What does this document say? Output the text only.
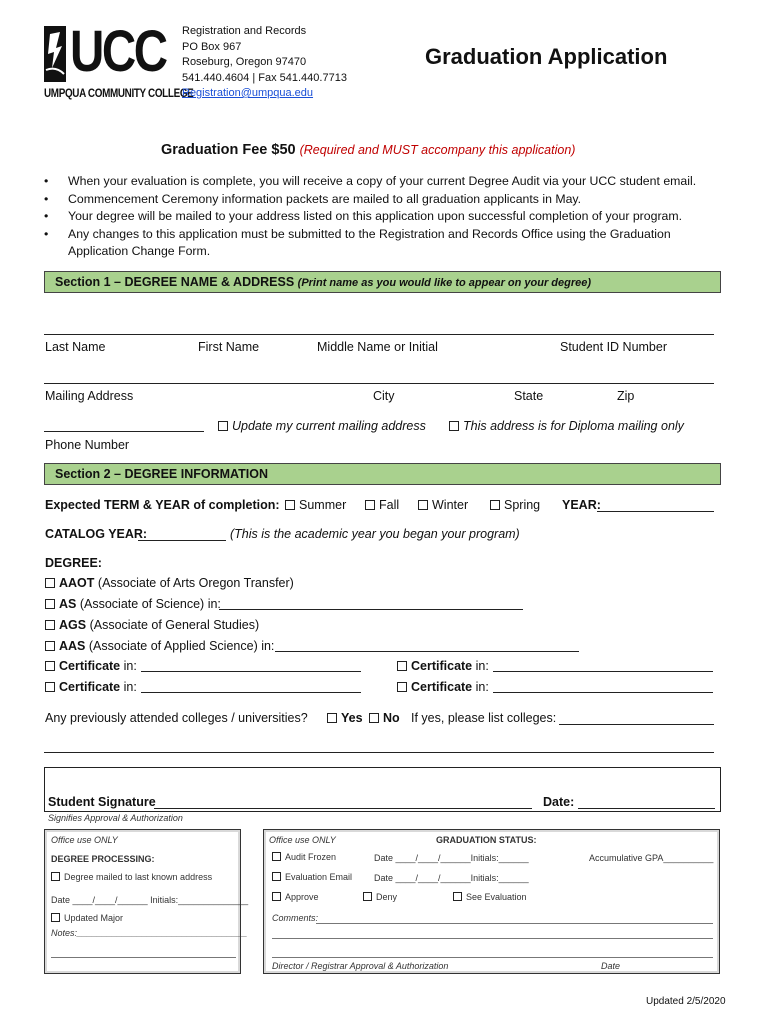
UCC
UMPQUA COMMUNITY COLLEGE
Registration and Records
PO Box 967
Roseburg, Oregon 97470
541.440.4604 | Fax 541.440.7713
Registration@umpqua.edu
Graduation Application
Graduation Fee $50 (Required and MUST accompany this application)
• When your evaluation is complete, you will receive a copy of your current Degree Audit via your UCC student email.
• Commencement Ceremony information packets are mailed to all graduation applicants in May.
• Your degree will be mailed to your address listed on this application upon successful completion of your program.
• Any changes to this application must be submitted to the Registration and Records Office using the Graduation
Application Change Form.
Section 1 – DEGREE NAME & ADDRESS (Print name as you would like to appear on your degree)
Last Name	First Name	Middle Name or Initial	Student ID Number
Mailing Address	City	State	Zip
Update my current mailing address	This address is for Diploma mailing only
Phone Number
Section 2 – DEGREE INFORMATION
Expected TERM & YEAR of completion:	Summer	Fall	Winter	Spring YEAR:
CATALOG YEAR:	(This is the academic year you began your program)
DEGREE:
AAOT (Associate of Arts Oregon Transfer)
AS (Associate of Science) in:
AGS (Associate of General Studies)
AAS (Associate of Applied Science) in:
Certificate in:	Certificate in:
Certificate in:	Certificate in:
Any previously attended colleges / universities?	Yes	No If yes, please list colleges:
Student Signature	Date:
Signifies Approval & Authorization
Office use ONLY
DEGREE PROCESSING:
Degree mailed to last known address
Date ____/____/______ Initials:______________
Updated Major
Notes:__________________________________
Office use ONLY	GRADUATION STATUS:
Audit Frozen	Date ____/____/______Initials:______	Accumulative GPA__________
Evaluation Email Date ____/____/______Initials:______
Approve	Deny	See Evaluation
Comments:
Director / Registrar Approval & Authorization	Date
Updated 2/5/2020
